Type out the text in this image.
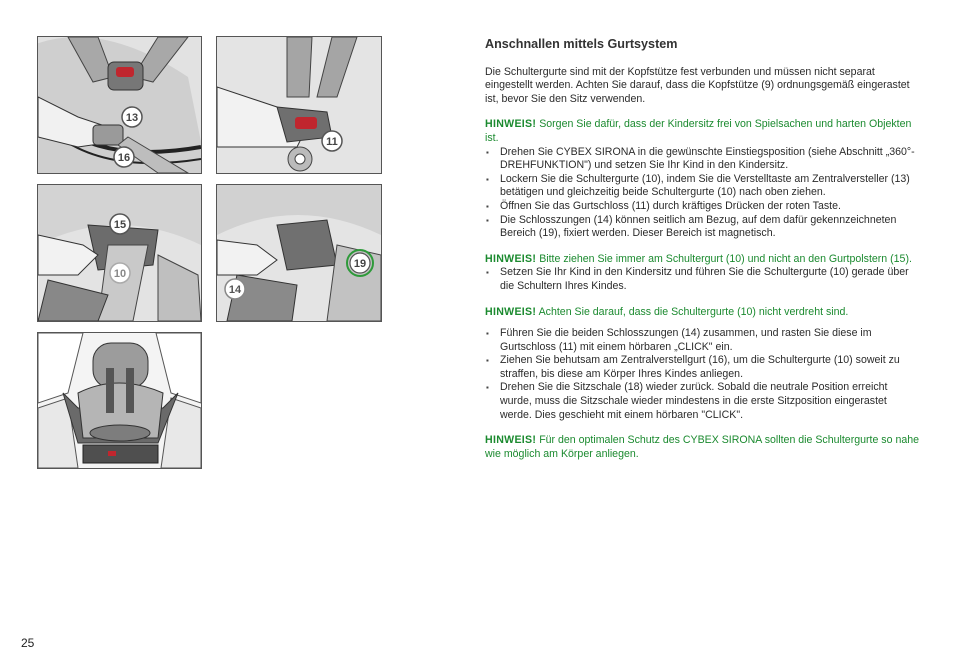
13
16
11
15
10
14
19
Anschnallen mittels Gurtsystem

Die Schultergurte sind mit der Kopfstütze fest verbunden und müssen nicht separat eingestellt werden. Achten Sie darauf, dass die Kopfstütze (9) ordnungsgemäß eingerastet ist, bevor Sie den Sitz verwenden.

HINWEIS! Sorgen Sie dafür, dass der Kindersitz frei von Spielsachen und harten Objekten ist.

▪ Drehen Sie CYBEX SIRONA in die gewünschte Einstiegsposition (siehe Abschnitt „360°- DREHFUNKTION") und setzen Sie Ihr Kind in den Kindersitz.
▪ Lockern Sie die Schultergurte (10), indem Sie die Verstelltaste am Zentralversteller (13) betätigen und gleichzeitig beide Schultergurte (10) nach oben ziehen.
▪ Öffnen Sie das Gurtschloss (11) durch kräftiges Drücken der roten Taste.
▪ Die Schlosszungen (14) können seitlich am Bezug, auf dem dafür gekennzeichneten Bereich (19), fixiert werden. Dieser Bereich ist magnetisch.

HINWEIS! Bitte ziehen Sie immer am Schultergurt (10) und nicht an den Gurtpolstern (15).

▪ Setzen Sie Ihr Kind in den Kindersitz und führen Sie die Schultergurte (10) gerade über die Schultern Ihres Kindes.

HINWEIS! Achten Sie darauf, dass die Schultergurte (10) nicht verdreht sind.

▪ Führen Sie die beiden Schlosszungen (14) zusammen, und rasten Sie diese im Gurtschloss (11) mit einem hörbaren „CLICK" ein.
▪ Ziehen Sie behutsam am Zentralverstellgurt (16), um die Schultergurte (10) soweit zu straffen, bis diese am Körper Ihres Kindes anliegen.
▪ Drehen Sie die Sitzschale (18) wieder zurück. Sobald die neutrale Position erreicht wurde, muss die Sitzschale wieder mindestens in die erste Sitzposition eingerastet werde. Dies geschieht mit einem hörbaren "CLICK".

HINWEIS! Für den optimalen Schutz des CYBEX SIRONA sollten die Schultergurte so nahe wie möglich am Körper anliegen.

25
